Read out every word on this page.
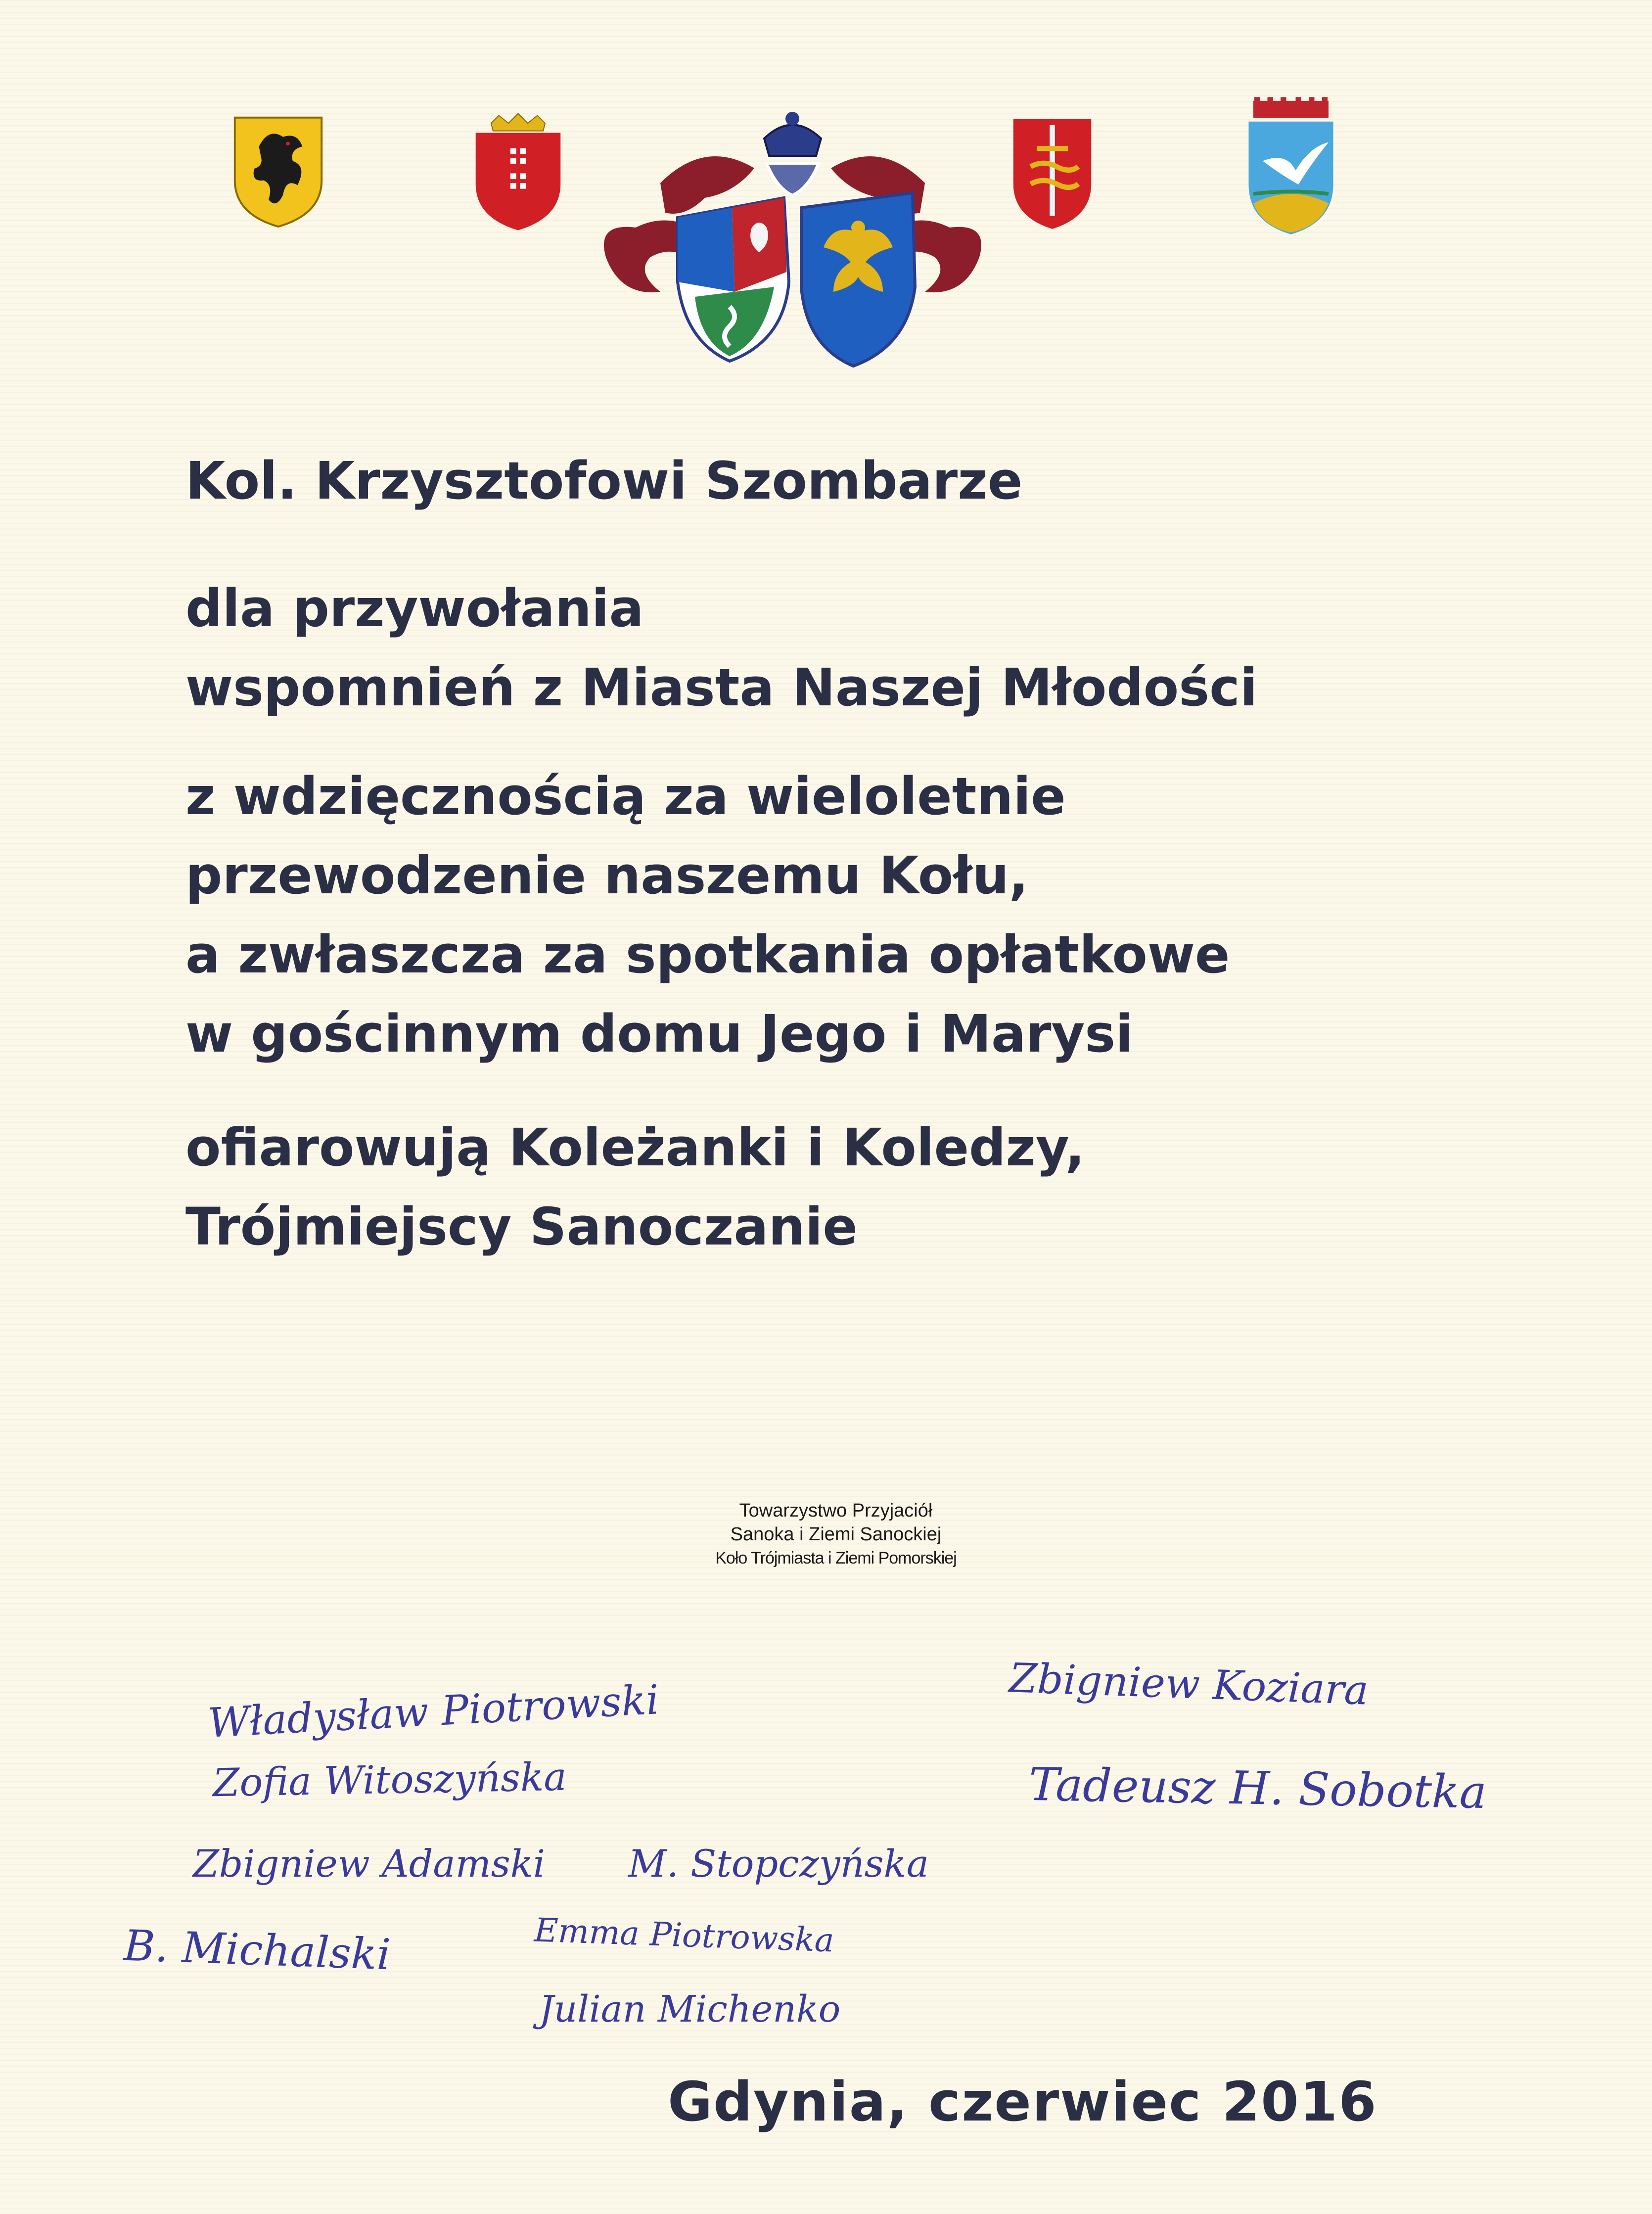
Kol. Krzysztofowi Szombarze
dla przywołania
wspomnień z Miasta Naszej Młodości
z wdzięcznością za wieloletnie
przewodzenie naszemu Kołu,
a zwłaszcza za spotkania opłatkowe
w gościnnym domu Jego i Marysi
ofiarowują Koleżanki i Koledzy,
Trójmiejscy Sanoczanie
Towarzystwo Przyjaciół
Sanoka i Ziemi Sanockiej
Koło Trójmiasta i Ziemi Pomorskiej
Władysław Piotrowski
Zofia Witoszyńska
Zbigniew Adamski M. Stopczyńska
B. Michalski	Emma Piotrowska
Julian Michenko
Zbigniew Koziara
Tadeusz H. Sobotka
Gdynia, czerwiec 2016
